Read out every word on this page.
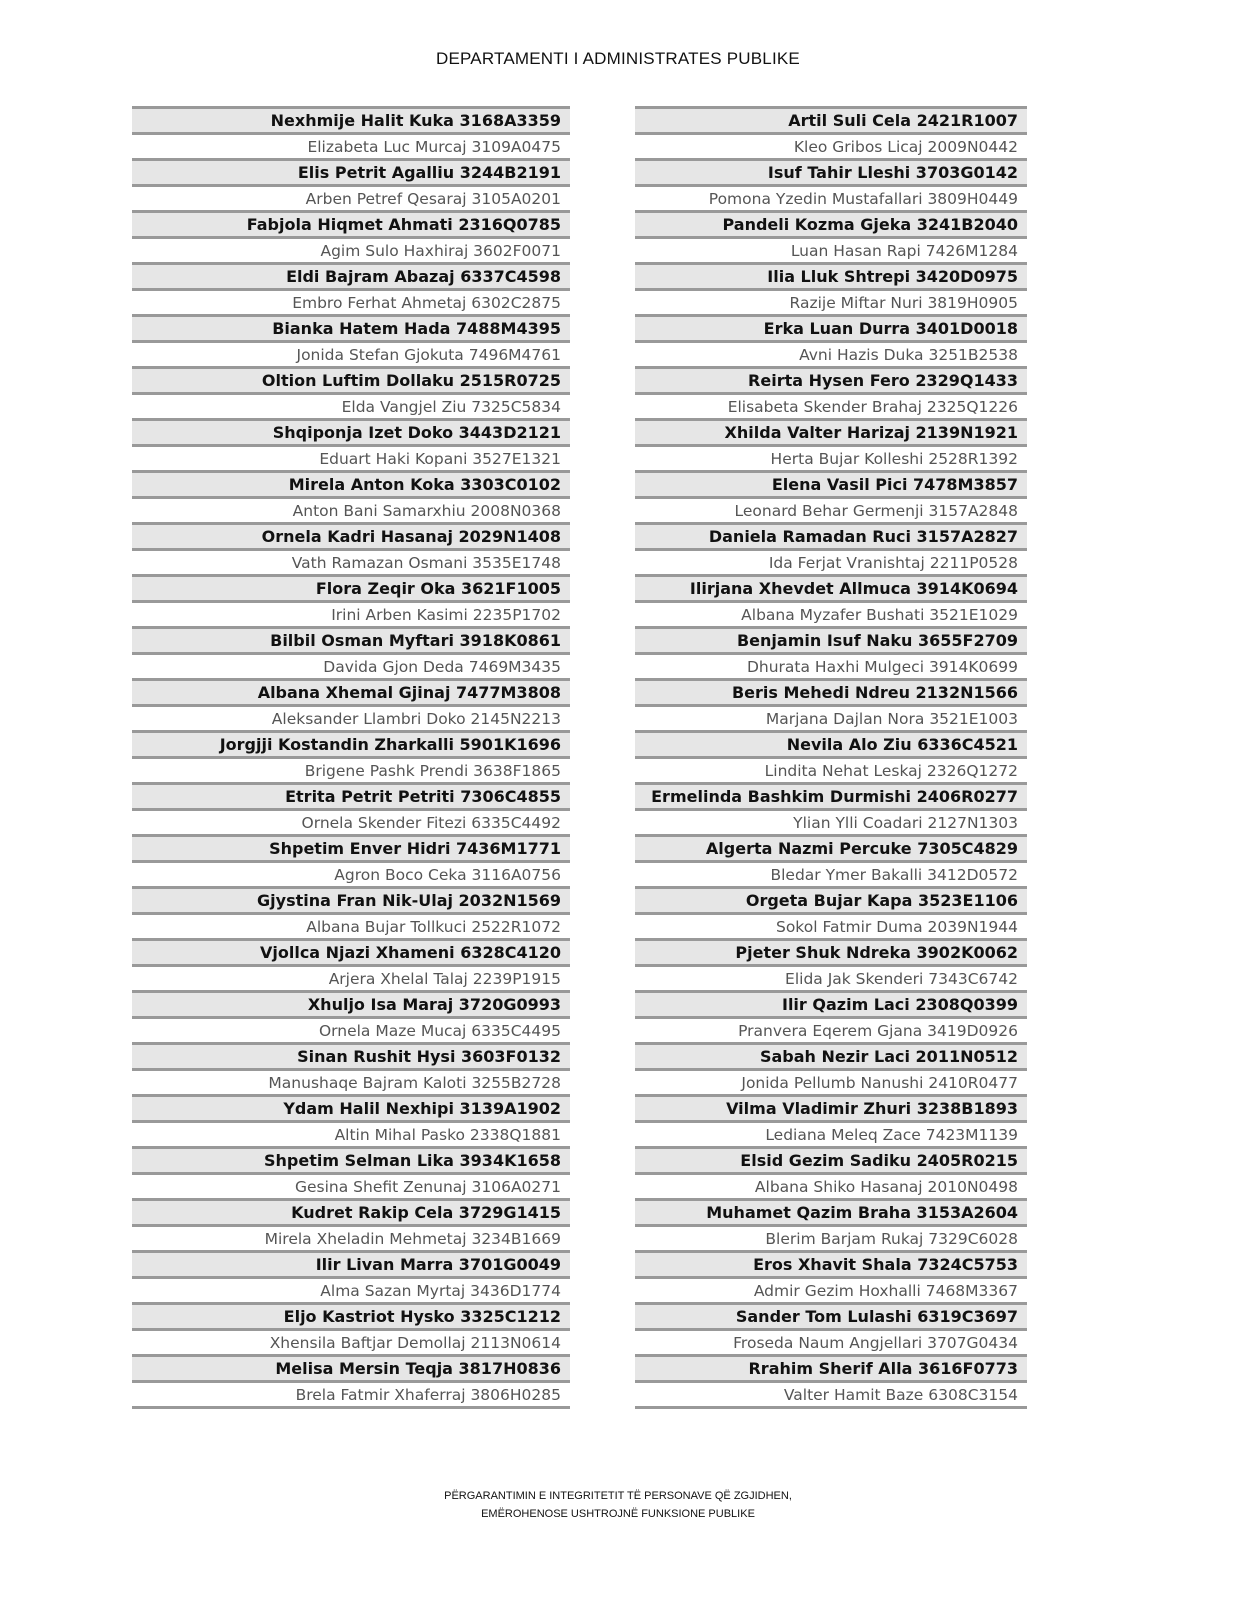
DEPARTAMENTI I ADMINISTRATES PUBLIKE
Nexhmije Halit Kuka 3168A3359
Elizabeta Luc Murcaj 3109A0475
Elis Petrit Agalliu 3244B2191
Arben Petref Qesaraj 3105A0201
Fabjola Hiqmet Ahmati 2316Q0785
Agim Sulo Haxhiraj 3602F0071
Eldi Bajram Abazaj 6337C4598
Embro Ferhat Ahmetaj 6302C2875
Bianka Hatem Hada 7488M4395
Jonida Stefan Gjokuta 7496M4761
Oltion Luftim Dollaku 2515R0725
Elda Vangjel Ziu 7325C5834
Shqiponja Izet Doko 3443D2121
Eduart Haki Kopani 3527E1321
Mirela Anton Koka 3303C0102
Anton Bani Samarxhiu 2008N0368
Ornela Kadri Hasanaj 2029N1408
Vath Ramazan Osmani 3535E1748
Flora Zeqir Oka 3621F1005
Irini Arben Kasimi 2235P1702
Bilbil Osman Myftari 3918K0861
Davida Gjon Deda 7469M3435
Albana Xhemal Gjinaj 7477M3808
Aleksander Llambri Doko 2145N2213
Jorgjji Kostandin Zharkalli 5901K1696
Brigene Pashk Prendi 3638F1865
Etrita Petrit Petriti 7306C4855
Ornela Skender Fitezi 6335C4492
Shpetim Enver Hidri 7436M1771
Agron Boco Ceka 3116A0756
Gjystina Fran Nik-Ulaj 2032N1569
Albana Bujar Tollkuci 2522R1072
Vjollca Njazi Xhameni 6328C4120
Arjera Xhelal Talaj 2239P1915
Xhuljo Isa Maraj 3720G0993
Ornela Maze Mucaj 6335C4495
Sinan Rushit Hysi 3603F0132
Manushaqe Bajram Kaloti 3255B2728
Ydam Halil Nexhipi 3139A1902
Altin Mihal Pasko 2338Q1881
Shpetim Selman Lika 3934K1658
Gesina Shefit Zenunaj 3106A0271
Kudret Rakip Cela 3729G1415
Mirela Xheladin Mehmetaj 3234B1669
Ilir Livan Marra 3701G0049
Alma Sazan Myrtaj 3436D1774
Eljo Kastriot Hysko 3325C1212
Xhensila Baftjar Demollaj 2113N0614
Melisa Mersin Teqja 3817H0836
Brela Fatmir Xhaferraj 3806H0285
Artil Suli Cela 2421R1007
Kleo Gribos Licaj 2009N0442
Isuf Tahir Lleshi 3703G0142
Pomona Yzedin Mustafallari 3809H0449
Pandeli Kozma Gjeka 3241B2040
Luan Hasan Rapi 7426M1284
Ilia Lluk Shtrepi 3420D0975
Razije Miftar Nuri 3819H0905
Erka Luan Durra 3401D0018
Avni Hazis Duka 3251B2538
Reirta Hysen Fero 2329Q1433
Elisabeta Skender Brahaj 2325Q1226
Xhilda Valter Harizaj 2139N1921
Herta Bujar Kolleshi 2528R1392
Elena Vasil Pici 7478M3857
Leonard Behar Germenji 3157A2848
Daniela Ramadan Ruci 3157A2827
Ida Ferjat Vranishtaj 2211P0528
Ilirjana Xhevdet Allmuca 3914K0694
Albana Myzafer Bushati 3521E1029
Benjamin Isuf Naku 3655F2709
Dhurata Haxhi Mulgeci 3914K0699
Beris Mehedi Ndreu 2132N1566
Marjana Dajlan Nora 3521E1003
Nevila Alo Ziu 6336C4521
Lindita Nehat Leskaj 2326Q1272
Ermelinda Bashkim Durmishi 2406R0277
Ylian Ylli Coadari 2127N1303
Algerta Nazmi Percuke 7305C4829
Bledar Ymer Bakalli 3412D0572
Orgeta Bujar Kapa 3523E1106
Sokol Fatmir Duma 2039N1944
Pjeter Shuk Ndreka 3902K0062
Elida Jak Skenderi 7343C6742
Ilir Qazim Laci 2308Q0399
Pranvera Eqerem Gjana 3419D0926
Sabah Nezir Laci 2011N0512
Jonida Pellumb Nanushi 2410R0477
Vilma Vladimir Zhuri 3238B1893
Lediana Meleq Zace 7423M1139
Elsid Gezim Sadiku 2405R0215
Albana Shiko Hasanaj 2010N0498
Muhamet Qazim Braha 3153A2604
Blerim Barjam Rukaj 7329C6028
Eros Xhavit Shala 7324C5753
Admir Gezim Hoxhalli 7468M3367
Sander Tom Lulashi 6319C3697
Froseda Naum Angjellari 3707G0434
Rrahim Sherif Alla 3616F0773
Valter Hamit Baze 6308C3154
PËRGARANTIMIN E INTEGRITETIT TË PERSONAVE QË ZGJIDHEN,
EMËROHENOSE USHTROJNË FUNKSIONE PUBLIKE
